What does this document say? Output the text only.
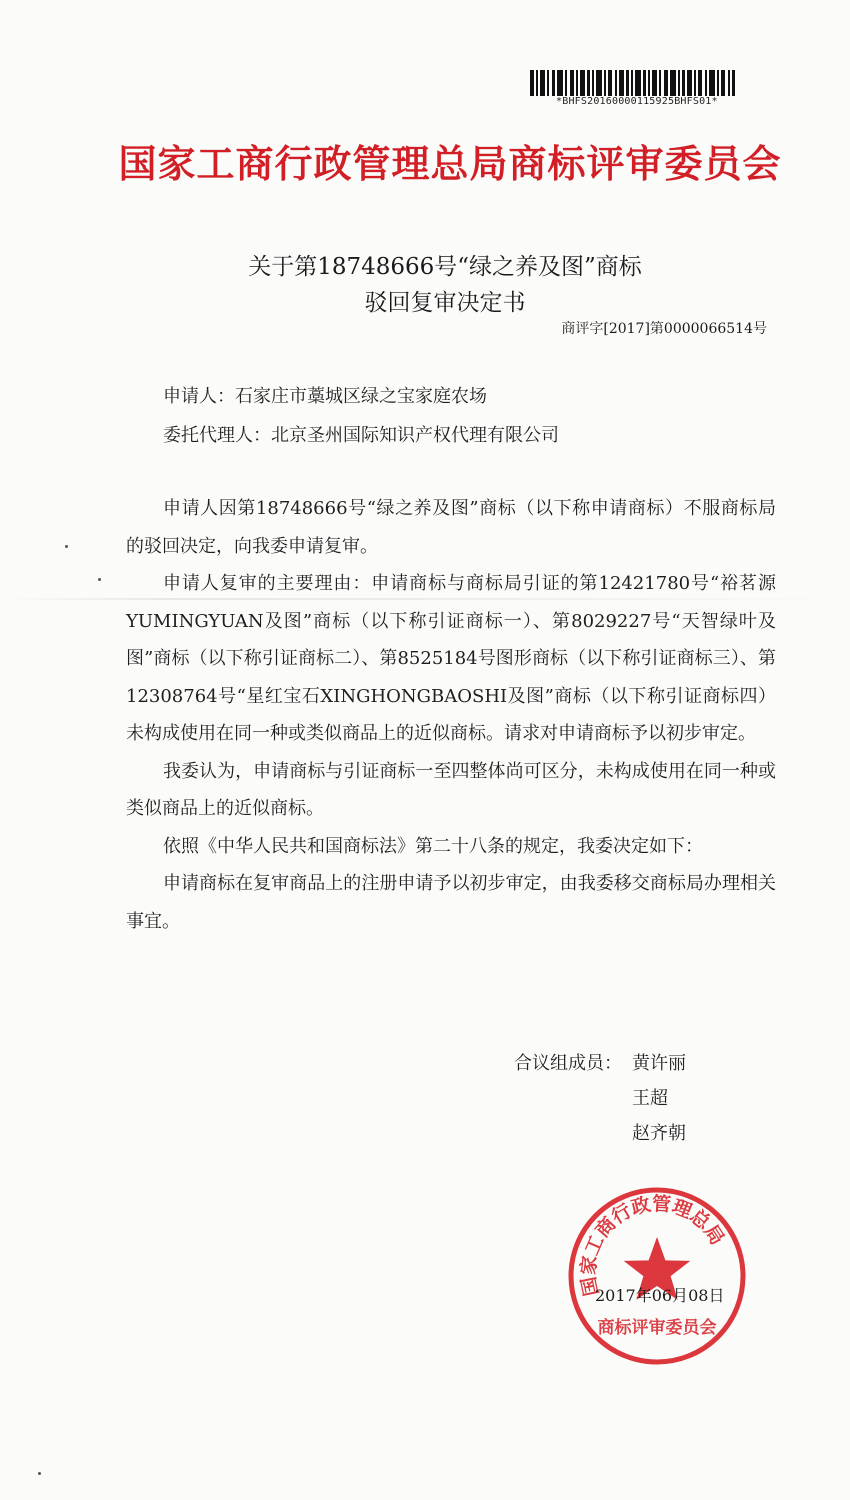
*BHFS20160000115925BHFS01*
国家工商行政管理总局商标评审委员会
关于第18748666号“绿之养及图”商标
驳回复审决定书
商评字[2017]第0000066514号
申请人：石家庄市藁城区绿之宝家庭农场
委托代理人：北京圣州国际知识产权代理有限公司

申请人因第18748666号“绿之养及图”商标（以下称申请商标）不服商标局的驳回决定，向我委申请复审。

申请人复审的主要理由：申请商标与商标局引证的第12421780号“裕茗源YUMINGYUAN及图”商标（以下称引证商标一）、第8029227号“天智绿叶及图”商标（以下称引证商标二）、第8525184号图形商标（以下称引证商标三）、第12308764号“星红宝石XINGHONGBAOSHI及图”商标（以下称引证商标四）未构成使用在同一种或类似商品上的近似商标。请求对申请商标予以初步审定。

我委认为，申请商标与引证商标一至四整体尚可区分，未构成使用在同一种或类似商品上的近似商标。

依照《中华人民共和国商标法》第二十八条的规定，我委决定如下：

申请商标在复审商品上的注册申请予以初步审定，由我委移交商标局办理相关事宜。

合议组成员： 黄许丽
王超
赵齐朝
国家工商行政管理总局
商标评审委员会
2017年06月08日
